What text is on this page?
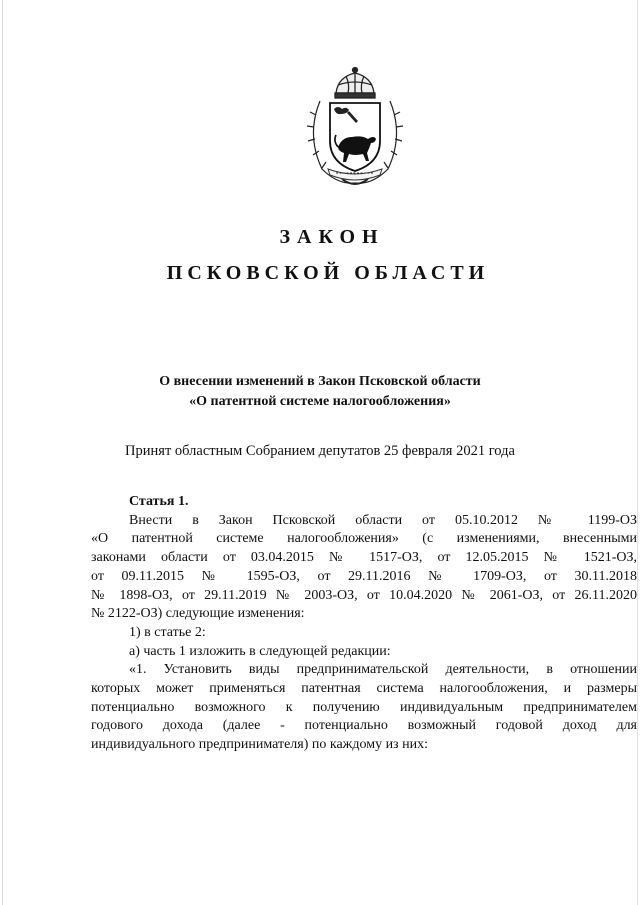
ЗАКОН
ПСКОВСКОЙ ОБЛАСТИ
О внесении изменений в Закон Псковской области
«О патентной системе налогообложения»
Принят областным Собранием депутатов 25 февраля 2021 года
Статья 1.
Внести в Закон Псковской области от 05.10.2012 № 1199-ОЗ
«О патентной системе налогообложения» (с изменениями, внесенными
законами области от 03.04.2015 № 1517-ОЗ, от 12.05.2015 № 1521-ОЗ,
от 09.11.2015 № 1595-ОЗ, от 29.11.2016 № 1709-ОЗ, от 30.11.2018
№ 1898-ОЗ, от 29.11.2019 № 2003-ОЗ, от 10.04.2020 № 2061-ОЗ, от 26.11.2020
№ 2122-ОЗ) следующие изменения:
1) в статье 2:
а) часть 1 изложить в следующей редакции:
«1. Установить виды предпринимательской деятельности, в отношении
которых может применяться патентная система налогообложения, и размеры
потенциально возможного к получению индивидуальным предпринимателем
годового дохода (далее - потенциально возможный годовой доход для
индивидуального предпринимателя) по каждому из них:
